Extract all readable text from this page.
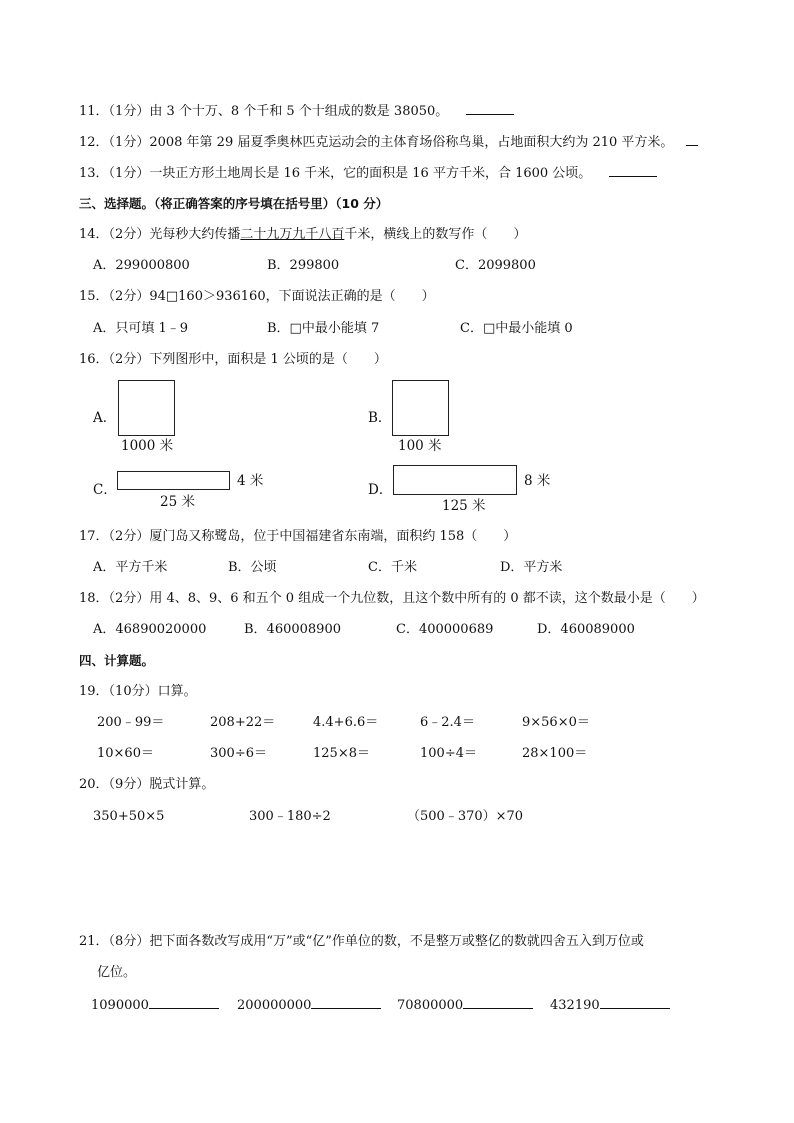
11．（1分）由 3 个十万、8 个千和 5 个十组成的数是 38050。
12．（1分）2008 年第 29 届夏季奥林匹克运动会的主体育场俗称鸟巢，占地面积大约为 210 平方米。
13．（1分）一块正方形土地周长是 16 千米，它的面积是 16 平方千米，合 1600 公顷。
三、选择题。（将正确答案的序号填在括号里）（10 分）
14．（2分）光每秒大约传播二十九万九千八百千米，横线上的数写作（　　）
A．299000800	B．299800	C．2099800
15．（2分）94□160＞936160，下面说法正确的是（　　）
A．只可填 1﹣9	B．□中最小能填 7	C．□中最小能填 0
16．（2分）下列图形中，面积是 1 公顷的是（　　）
A．
1000 米
B．
100 米
C．
4 米
25 米
D．
8 米
125 米
17．（2分）厦门岛又称鹭岛，位于中国福建省东南端，面积约 158（　　）
A．平方千米	B．公顷	C．千米	D．平方米
18．（2分）用 4、8、9、6 和五个 0 组成一个九位数，且这个数中所有的 0 都不读，这个数最小是（　　）
A．46890020000	B．460008900	C．400000689	D．460089000
四、计算题。
19．（10分）口算。
200﹣99＝	208+22＝	4.4+6.6＝	6﹣2.4＝	9×56×0＝
10×60＝	300÷6＝	125×8＝	100÷4＝	28×100＝
20．（9分）脱式计算。
350+50×5	300﹣180÷2	（500﹣370）×70
21．（8分）把下面各数改写成用“万”或“亿”作单位的数，不是整万或整亿的数就四舍五入到万位或
亿位。
1090000	200000000	70800000	432190
